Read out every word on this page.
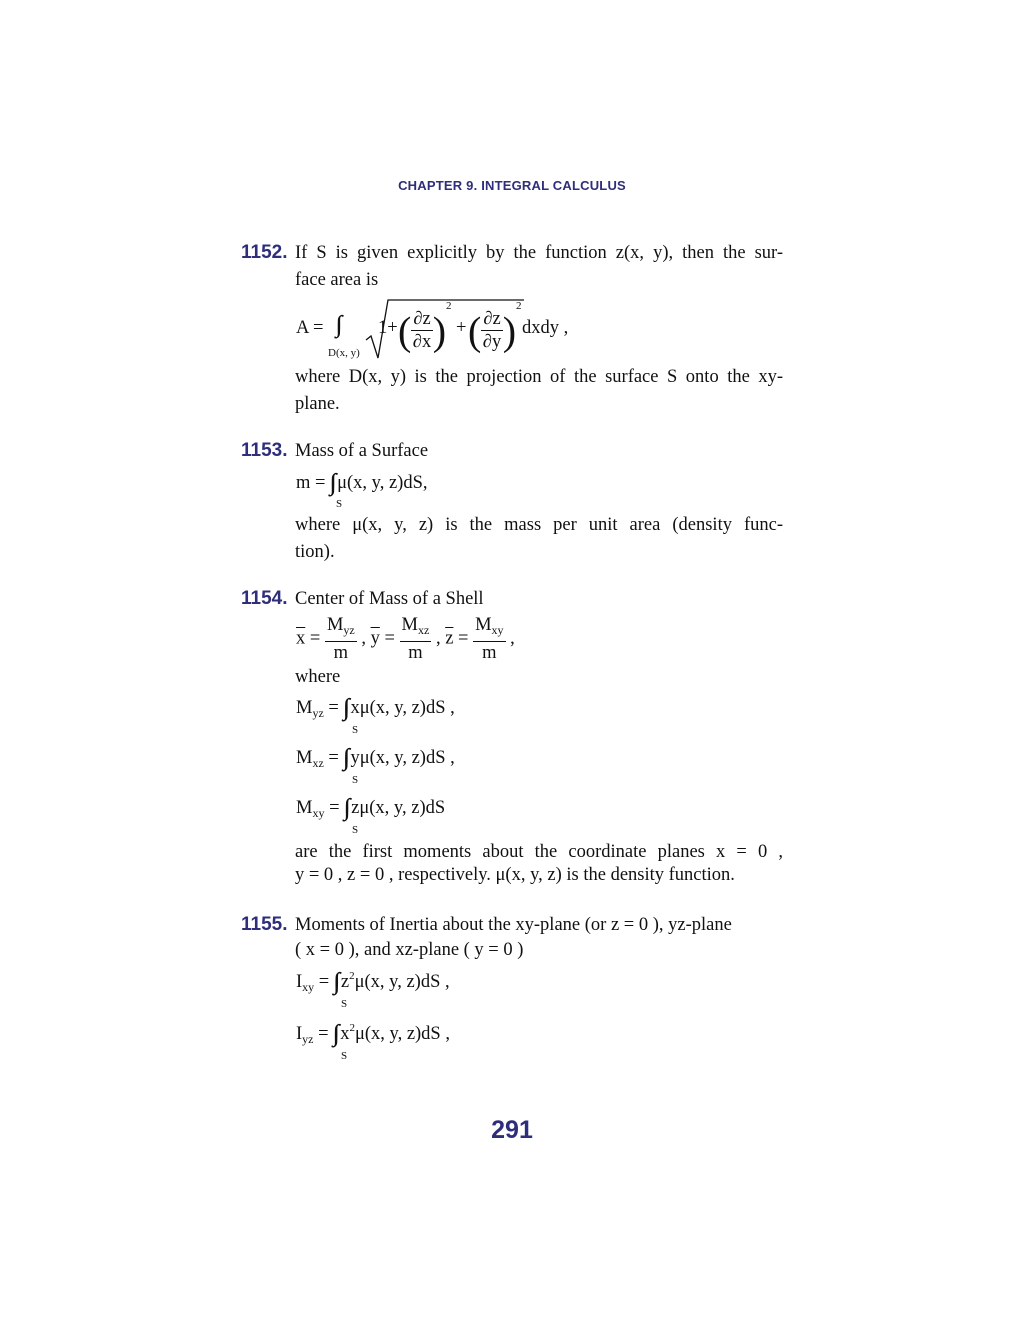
CHAPTER 9. INTEGRAL CALCULUS
1152. If S is given explicitly by the function z(x, y), then the sur-
face area is
A =
D(x, y)
1+ ( $\frac{\partial z}{\partial x} )^2$
+ ( $\frac{\partial z}{\partial y} )^2$
dxdy ,
where D(x, y) is the projection of the surface S onto the xy-
plane.
1153. Mass of a Surface
m = μ(x, y, z)dS,
S
where μ(x, y, z) is the mass per unit area (density func-
tion).
1154. Center of Mass of a Shell
$\overline{x} = \frac{M_{yz}}{m}$ , $\overline{y} = \frac{M_{xz}}{m}$ , $\overline{z} = \frac{M_{xy}}{m}$ ,
where
$M_{yz} = x\mu(x$, y, z)dS ,
S
$M_{xz} = y\mu(x$, y, z)dS ,
S
$M_{xy} = z\mu(x$, y, z)dS
S
are the first moments about the coordinate planes x = 0 ,
y = 0 , z = 0 , respectively. μ(x, y, z) is the density function.
1155. Moments of Inertia about the xy-plane (or z = 0 ), yz-plane
( x = 0 ), and xz-plane ( y = 0 )
$I_{xy} = z^2\mu(x$, y, z)dS ,
S
$I_{yz} = x^2\mu(x$, y, z)dS ,
S
291
